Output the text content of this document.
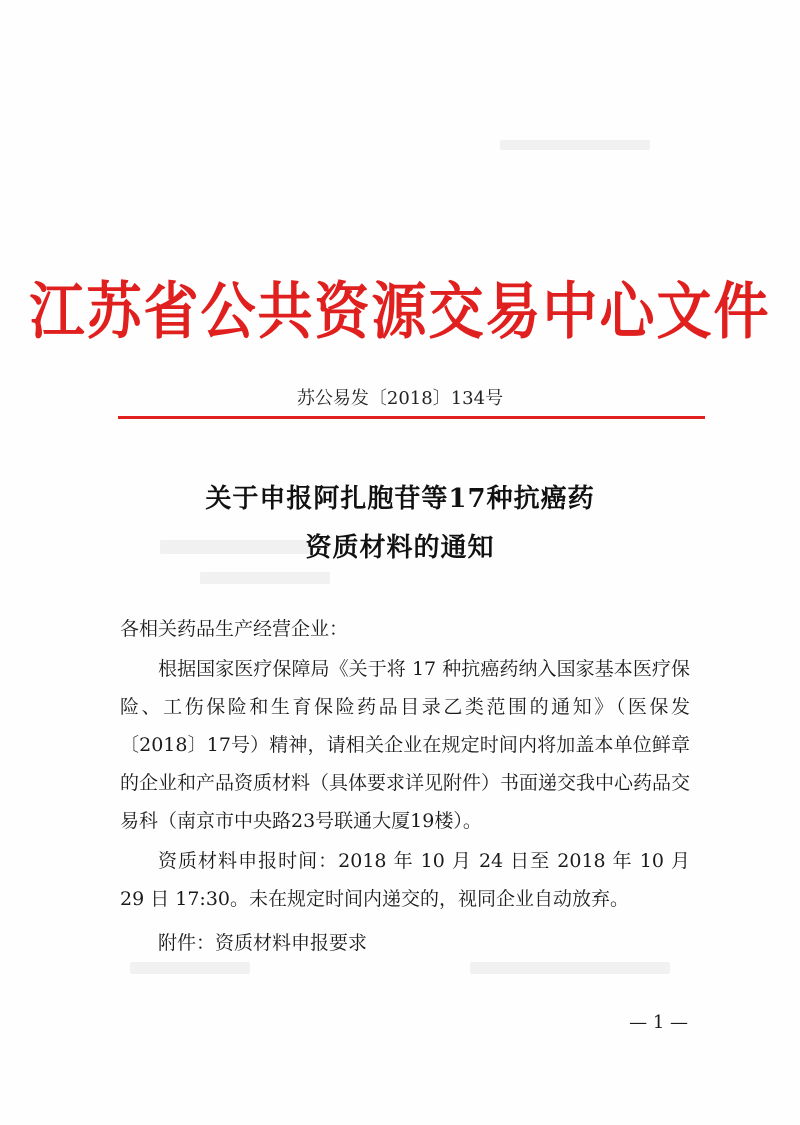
江苏省公共资源交易中心文件
苏公易发〔2018〕134号
关于申报阿扎胞苷等17种抗癌药
资质材料的通知
各相关药品生产经营企业：
根据国家医疗保障局《关于将 17 种抗癌药纳入国家基本医疗保险、工伤保险和生育保险药品目录乙类范围的通知》（医保发〔2018〕17号）精神，请相关企业在规定时间内将加盖本单位鲜章的企业和产品资质材料（具体要求详见附件）书面递交我中心药品交易科（南京市中央路23号联通大厦19楼）。
资质材料申报时间：2018 年 10 月 24 日至 2018 年 10 月 29 日 17:30。未在规定时间内递交的，视同企业自动放弃。
附件：资质材料申报要求
— 1 —
